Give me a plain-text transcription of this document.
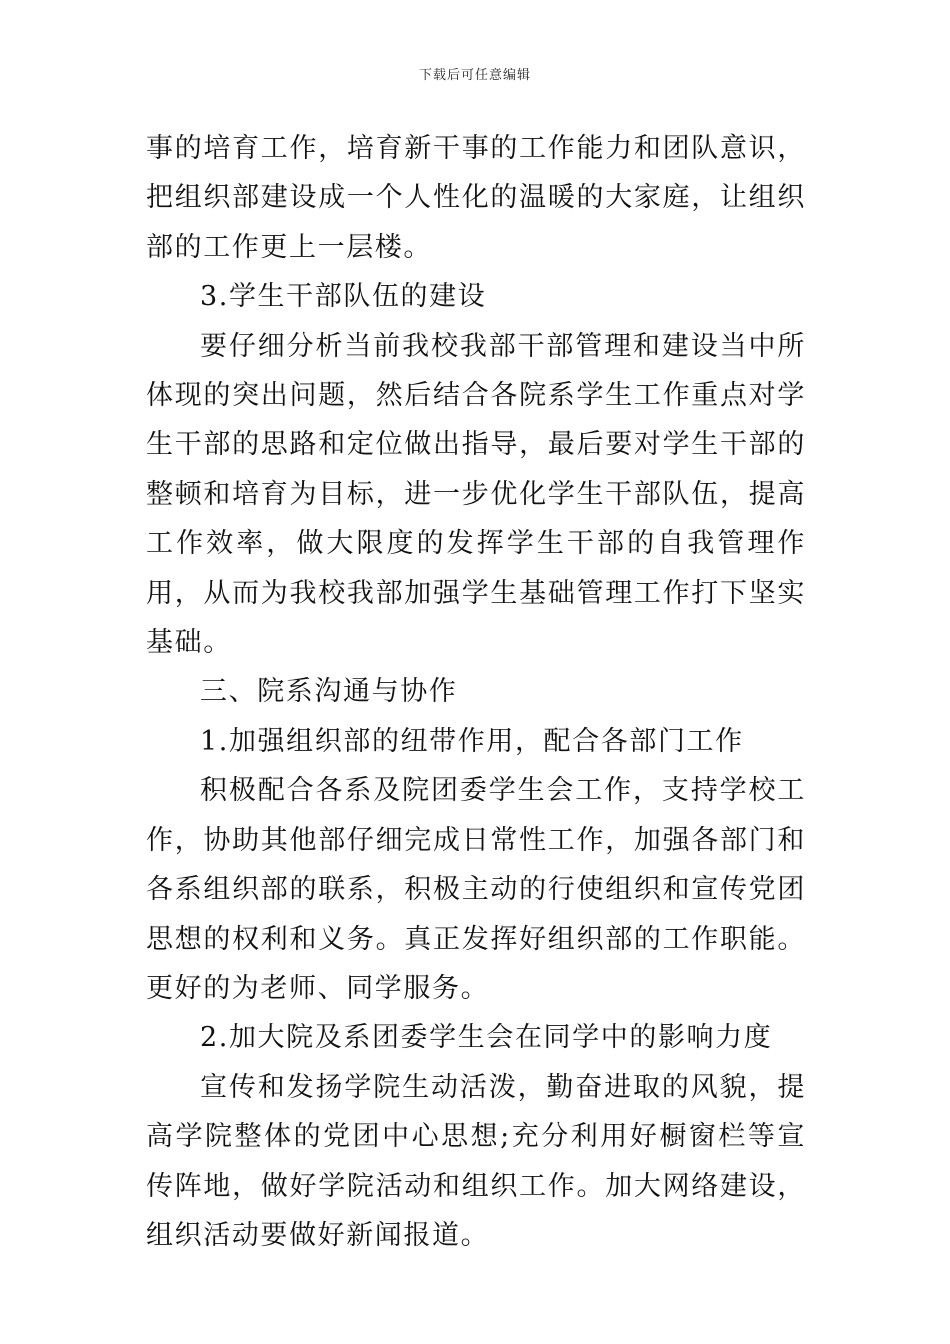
下载后可任意编辑

事的培育工作，培育新干事的工作能力和团队意识，把组织部建设成一个人性化的温暖的大家庭，让组织部的工作更上一层楼。

3.学生干部队伍的建设

要仔细分析当前我校我部干部管理和建设当中所体现的突出问题，然后结合各院系学生工作重点对学生干部的思路和定位做出指导，最后要对学生干部的整顿和培育为目标，进一步优化学生干部队伍，提高工作效率，做大限度的发挥学生干部的自我管理作用，从而为我校我部加强学生基础管理工作打下坚实基础。

三、院系沟通与协作

1.加强组织部的纽带作用，配合各部门工作

积极配合各系及院团委学生会工作，支持学校工作，协助其他部仔细完成日常性工作，加强各部门和各系组织部的联系，积极主动的行使组织和宣传党团思想的权利和义务。真正发挥好组织部的工作职能。更好的为老师、同学服务。

2.加大院及系团委学生会在同学中的影响力度

宣传和发扬学院生动活泼，勤奋进取的风貌，提高学院整体的党团中心思想;充分利用好橱窗栏等宣传阵地，做好学院活动和组织工作。加大网络建设，组织活动要做好新闻报道。
